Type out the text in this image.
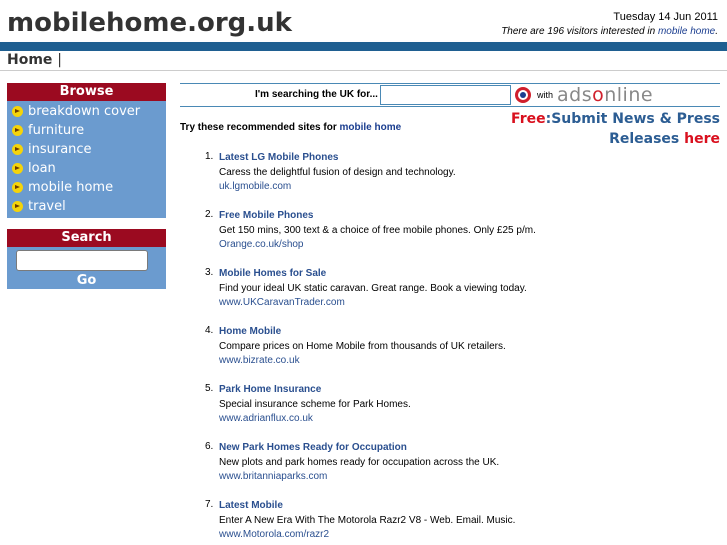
mobilehome.org.uk	Tuesday 14 Jun 2011
There are 196 visitors interested in mobile home.
Home |
Browse
breakdown cover
furniture
insurance
loan
mobile home
travel
Search
Go
I'm searching the UK for...	with adsonline
Try these recommended sites for mobile home
Free:Submit News & Press
Releases here
1. Latest LG Mobile Phones
Caress the delightful fusion of design and technology.
uk.lgmobile.com
2. Free Mobile Phones
Get 150 mins, 300 text & a choice of free mobile phones. Only £25 p/m.
Orange.co.uk/shop
3. Mobile Homes for Sale
Find your ideal UK static caravan. Great range. Book a viewing today.
www.UKCaravanTrader.com
4. Home Mobile
Compare prices on Home Mobile from thousands of UK retailers.
www.bizrate.co.uk
5. Park Home Insurance
Special insurance scheme for Park Homes.
www.adrianflux.co.uk
6. New Park Homes Ready for Occupation
New plots and park homes ready for occupation across the UK.
www.britanniaparks.com
7. Latest Mobile
Enter A New Era With The Motorola Razr2 V8 - Web. Email. Music.
www.Motorola.com/razr2
